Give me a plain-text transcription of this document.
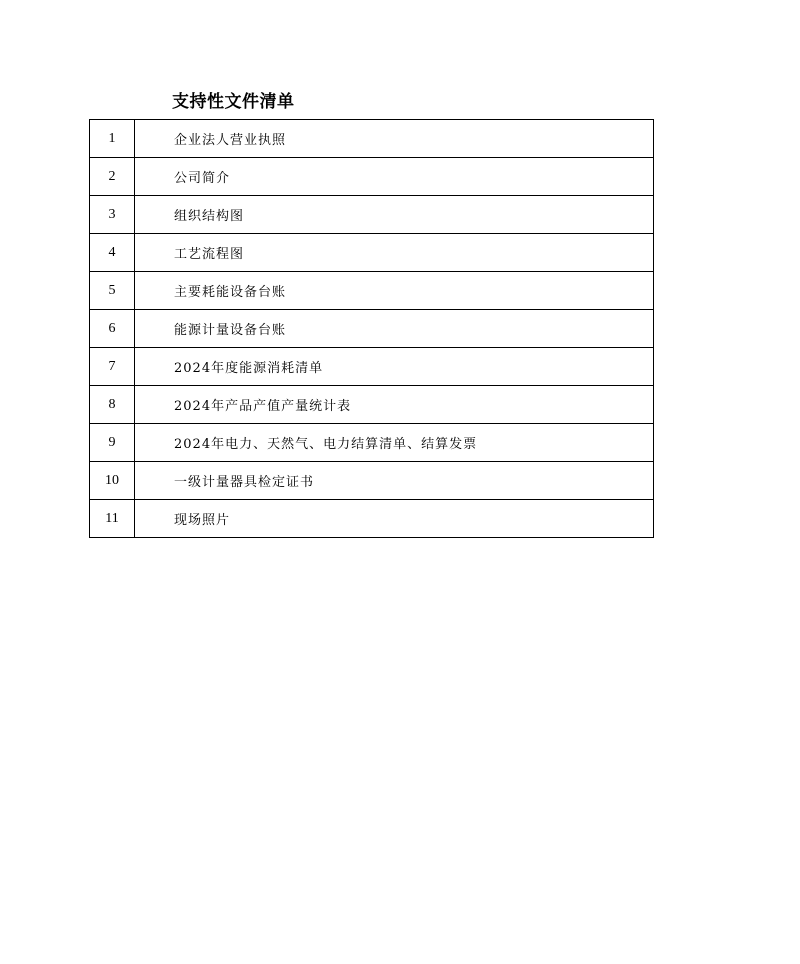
支持性文件清单
1	企业法人营业执照
2	公司简介
3	组织结构图
4	工艺流程图
5	主要耗能设备台账
6	能源计量设备台账
7	2024年度能源消耗清单
8	2024年产品产值产量统计表
9	2024年电力、天然气、电力结算清单、结算发票
10	一级计量器具检定证书
11	现场照片
